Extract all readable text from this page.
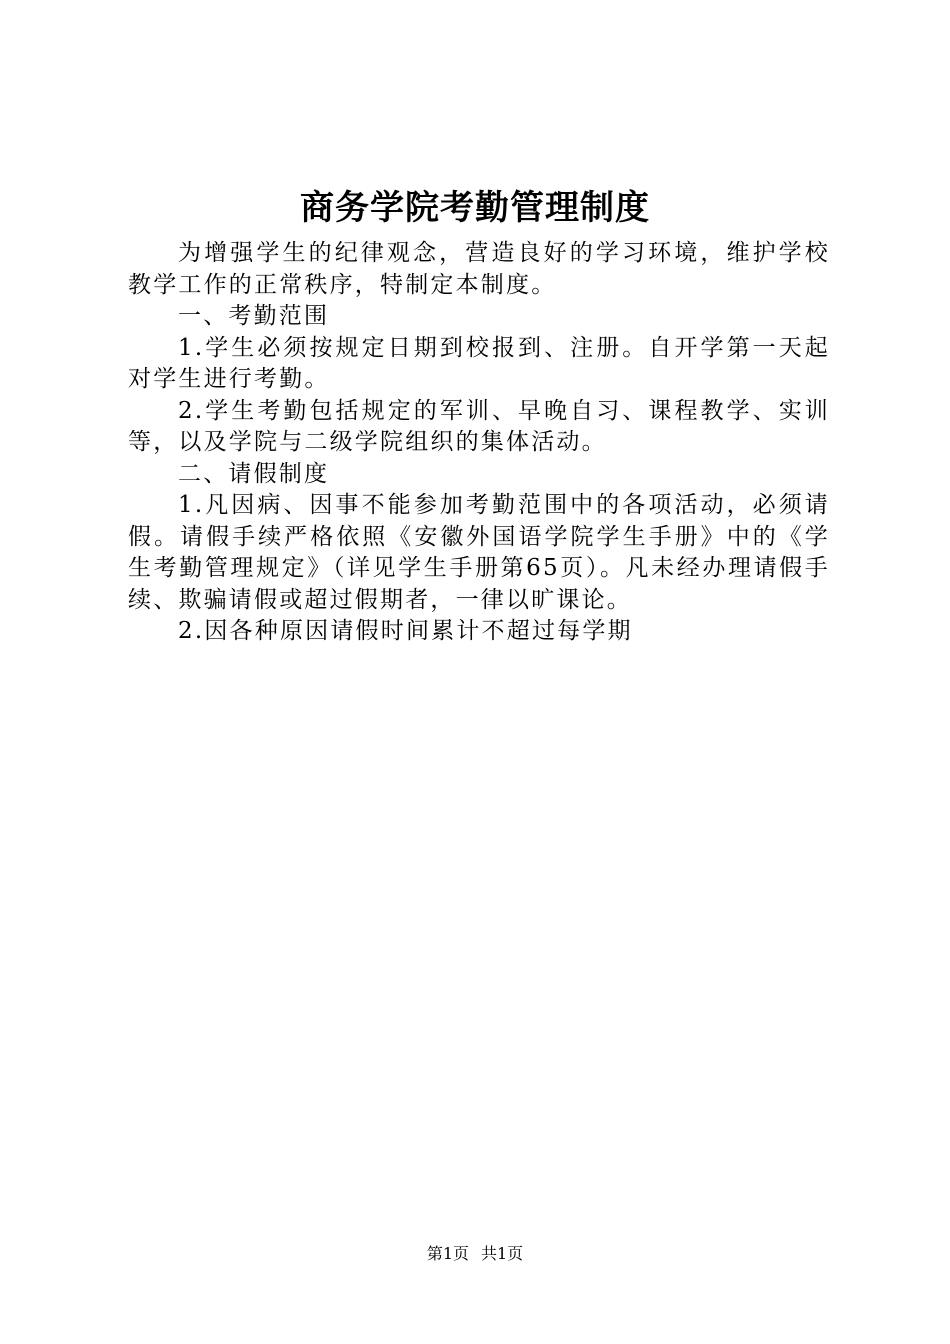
商务学院考勤管理制度

为增强学生的纪律观念，营造良好的学习环境，维护学校教学工作的正常秩序，特制定本制度。

一、考勤范围

1.学生必须按规定日期到校报到、注册。自开学第一天起对学生进行考勤。

2.学生考勤包括规定的军训、早晚自习、课程教学、实训等，以及学院与二级学院组织的集体活动。

二、请假制度

1.凡因病、因事不能参加考勤范围中的各项活动，必须请假。请假手续严格依照《安徽外国语学院学生手册》中的《学生考勤管理规定》（详见学生手册第65页）。凡未经办理请假手续、欺骗请假或超过假期者，一律以旷课论。

2.因各种原因请假时间累计不超过每学期

第1页 共1页
